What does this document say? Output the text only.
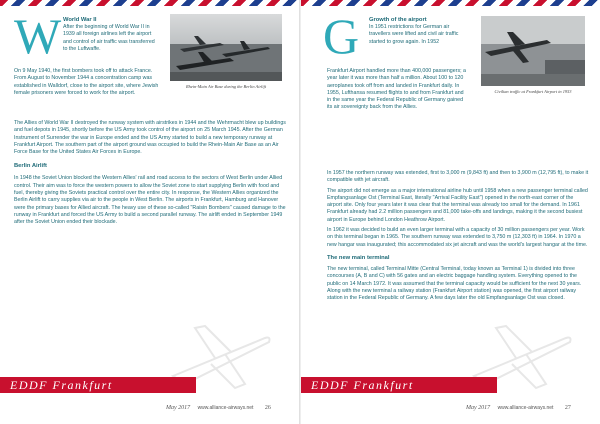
W World War II

After the beginning of World War II in 1939 all foreign airlines left the airport and control of air traffic was transferred to the Luftwaffe.

Rhein-Main Air Base during the Berlin Airlift

On 9 May 1940, the first bombers took off to attack France. From August to November 1944 a concentration camp was established in Walldorf, close to the airport site, where Jewish female prisoners were forced to work for the airport.

The Allies of World War II destroyed the runway system with airstrikes in 1944 and the Wehrmacht blew up buildings and fuel depots in 1945, shortly before the US Army took control of the airport on 25 March 1945. After the German Instrument of Surrender the war in Europe ended and the US Army started to build a new temporary runway at Frankfurt Airport. The southern part of the airport ground was occupied to build the Rhein-Main Air Base as an Air Force Base for the United States Air Forces in Europe.

Berlin Airlift

In 1948 the Soviet Union blocked the Western Allies' rail and road access to the sectors of West Berlin under Allied control. Their aim was to force the western powers to allow the Soviet zone to start supplying Berlin with food and fuel, thereby giving the Soviets practical control over the entire city. In response, the Western Allies organized the Berlin Airlift to carry supplies via air to the people in West Berlin. The airports in Frankfurt, Hamburg and Hanover were the primary bases for Allied aircraft. The heavy use of these so-called "Raisin Bombers" caused damage to the runway in Frankfurt and forced the US Army to build a second parallel runway. The airlift ended in September 1949 after the Soviet Union ended their blockade.

EDDF Frankfurt
May 2017 www.alliance-airways.net 26
G Growth of the airport

In 1951 restrictions for German air travellers were lifted and civil air traffic started to grow again. In 1952

Frankfurt Airport handled more than 400,000 passengers; a year later it was more than half a million. About 100 to 120 aeroplanes took off from and landed in Frankfurt daily. In 1955, Lufthansa resumed flights to and from Frankfurt and in the same year the Federal Republic of Germany gained its air sovereignty back from the Allies.

Civilian traffic at Frankfurt Airport in 1953

In 1957 the northern runway was extended, first to 3,000 m (9,843 ft) and then to 3,900 m (12,795 ft), to make it compatible with jet aircraft.

The airport did not emerge as a major international airline hub until 1958 when a new passenger terminal called Empfangsanlage Ost (Terminal East, literally "Arrival Facility East") opened in the north-east corner of the airport site. Only four years later it was clear that the terminal was already too small for the demand. In 1961 Frankfurt already had 2.2 million passengers and 81,000 take-offs and landings, making it the second busiest airport in Europe behind London Heathrow Airport.

In 1962 it was decided to build an even larger terminal with a capacity of 30 million passengers per year. Work on this terminal began in 1965. The southern runway was extended to 3,750 m (12,303 ft) in 1964. In 1970 a new hangar was inaugurated; this accommodated six jet aircraft and was the world's largest hangar at the time.

The new main terminal

The new terminal, called Terminal Mitte (Central Terminal, today known as Terminal 1) is divided into three concourses (A, B and C) with 56 gates and an electric baggage handling system. Everything opened to the public on 14 March 1972. It was assumed that the terminal capacity would be sufficient for the next 30 years. Along with the new terminal a railway station (Frankfurt Airport station) was opened, the first airport railway station in the Federal Republic of Germany. A few days later the old Empfangsanlage Ost was closed.

EDDF Frankfurt
May 2017 www.alliance-airways.net 27
